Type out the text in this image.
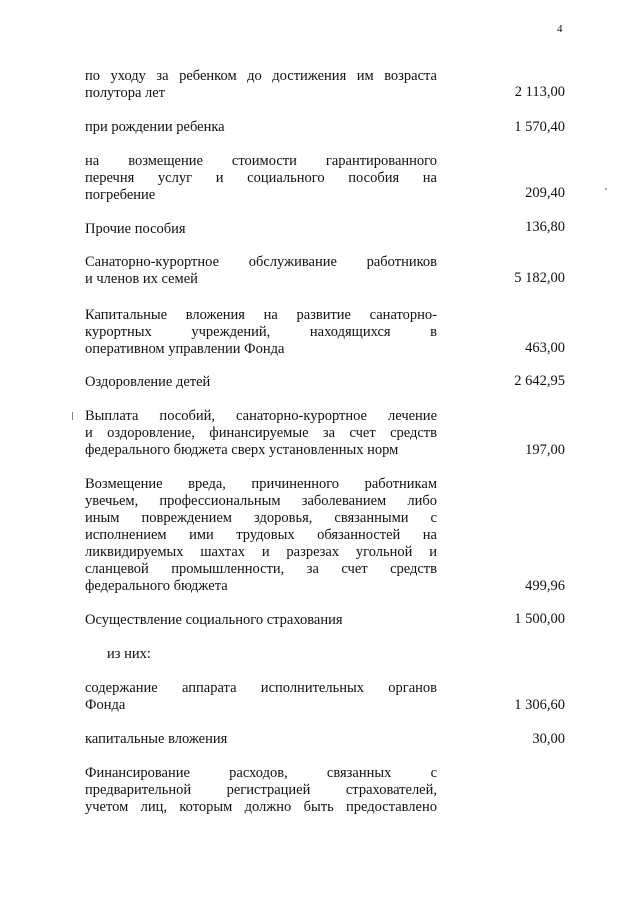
4
по уходу за ребенком до достижения им возраста
полутора лет	2 113,00
при рождении ребенка	1 570,40
на возмещение стоимости гарантированного
перечня услуг и социального пособия на
погребение	209,40
Прочие пособия	136,80
Санаторно-курортное обслуживание работников
и членов их семей	5 182,00
Капитальные вложения на развитие санаторно-
курортных учреждений, находящихся в
оперативном управлении Фонда	463,00
Оздоровление детей	2 642,95
Выплата пособий, санаторно-курортное лечение
и оздоровление, финансируемые за счет средств
федерального бюджета сверх установленных норм	197,00
Возмещение вреда, причиненного работникам
увечьем, профессиональным заболеванием либо
иным повреждением здоровья, связанными с
исполнением ими трудовых обязанностей на
ликвидируемых шахтах и разрезах угольной и
сланцевой промышленности, за счет средств
федерального бюджета	499,96
Осуществление социального страхования	1 500,00
из них:
содержание аппарата исполнительных органов
Фонда	1 306,60
капитальные вложения	30,00
Финансирование расходов, связанных с
предварительной регистрацией страхователей,
учетом лиц, которым должно быть предоставлено
